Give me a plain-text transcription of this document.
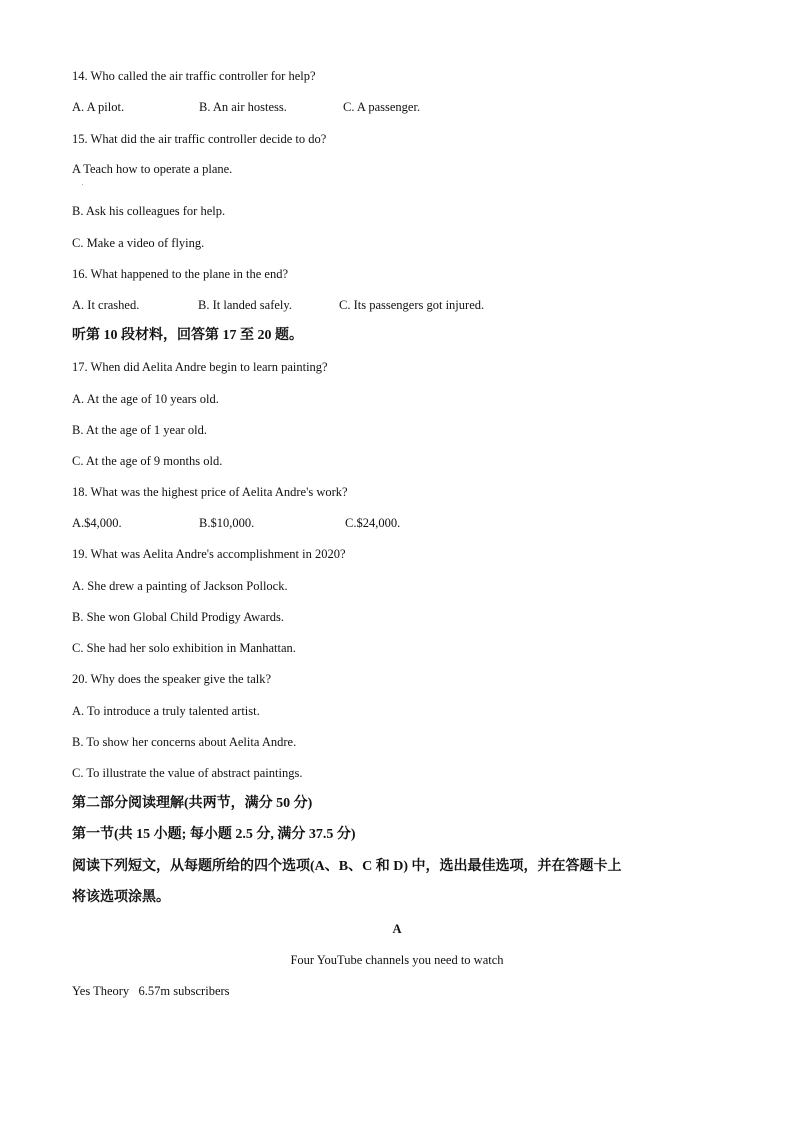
14. Who called the air traffic controller for help?
A. A pilot.	B. An air hostess.	C. A passenger.
15. What did the air traffic controller decide to do?
A Teach how to operate a plane.
.
B. Ask his colleagues for help.
C. Make a video of flying.
16. What happened to the plane in the end?
A. It crashed.	B. It landed safely.	C. Its passengers got injured.
听第 10 段材料，回答第 17 至 20 题。
17. When did Aelita Andre begin to learn painting?
A. At the age of 10 years old.
B. At the age of 1 year old.
C. At the age of 9 months old.
18. What was the highest price of Aelita Andre's work?
A.$4,000.	B.$10,000.	C.$24,000.
19. What was Aelita Andre's accomplishment in 2020?
A. She drew a painting of Jackson Pollock.
B. She won Global Child Prodigy Awards.
C. She had her solo exhibition in Manhattan.
20. Why does the speaker give the talk?
A. To introduce a truly talented artist.
B. To show her concerns about Aelita Andre.
C. To illustrate the value of abstract paintings.
第二部分阅读理解(共两节，满分 50 分)
第一节(共 15 小题; 每小题 2.5 分, 满分 37.5 分)
阅读下列短文，从每题所给的四个选项(A、B、C 和 D) 中，选出最佳选项，并在答题卡上
将该选项涂黑。
A
Four YouTube channels you need to watch
Yes Theory   6.57m subscribers
